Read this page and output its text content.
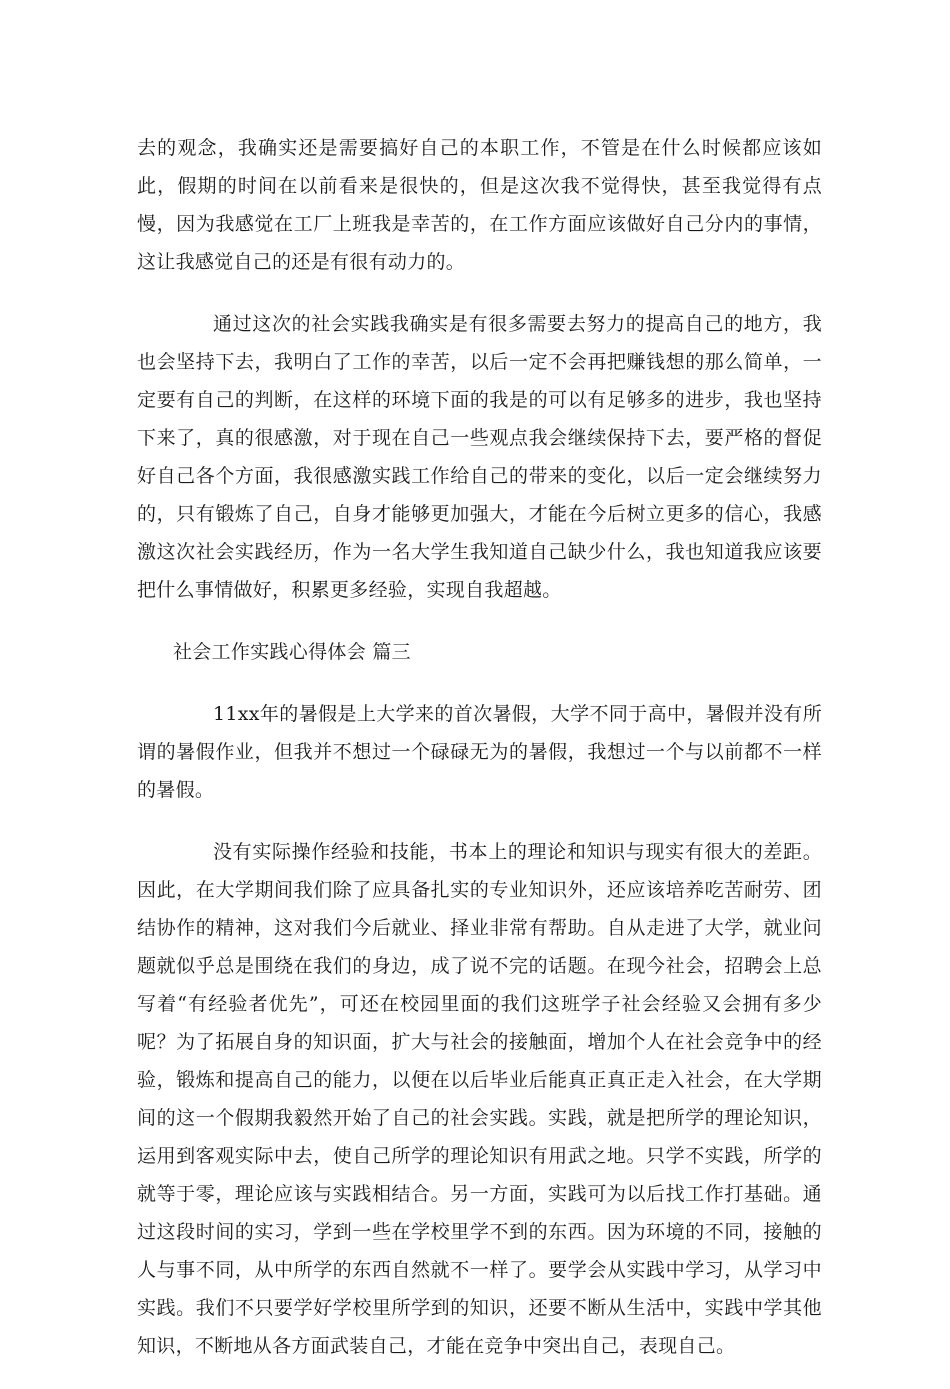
去的观念，我确实还是需要搞好自己的本职工作，不管是在什么时候都应该如此，假期的时间在以前看来是很快的，但是这次我不觉得快，甚至我觉得有点慢，因为我感觉在工厂上班我是幸苦的，在工作方面应该做好自己分内的事情，这让我感觉自己的还是有很有动力的。

通过这次的社会实践我确实是有很多需要去努力的提高自己的地方，我也会坚持下去，我明白了工作的幸苦，以后一定不会再把赚钱想的那么简单，一定要有自己的判断，在这样的环境下面的我是的可以有足够多的进步，我也坚持下来了，真的很感激，对于现在自己一些观点我会继续保持下去，要严格的督促好自己各个方面，我很感激实践工作给自己的带来的变化，以后一定会继续努力的，只有锻炼了自己，自身才能够更加强大，才能在今后树立更多的信心，我感激这次社会实践经历，作为一名大学生我知道自己缺少什么，我也知道我应该要把什么事情做好，积累更多经验，实现自我超越。

社会工作实践心得体会 篇三

11xx年的暑假是上大学来的首次暑假，大学不同于高中，暑假并没有所谓的暑假作业，但我并不想过一个碌碌无为的暑假，我想过一个与以前都不一样的暑假。

没有实际操作经验和技能，书本上的理论和知识与现实有很大的差距。因此，在大学期间我们除了应具备扎实的专业知识外，还应该培养吃苦耐劳、团结协作的精神，这对我们今后就业、择业非常有帮助。自从走进了大学，就业问题就似乎总是围绕在我们的身边，成了说不完的话题。在现今社会，招聘会上总写着“有经验者优先”，可还在校园里面的我们这班学子社会经验又会拥有多少呢？为了拓展自身的知识面，扩大与社会的接触面，增加个人在社会竞争中的经验，锻炼和提高自己的能力，以便在以后毕业后能真正真正走入社会，在大学期间的这一个假期我毅然开始了自己的社会实践。实践，就是把所学的理论知识，运用到客观实际中去，使自己所学的理论知识有用武之地。只学不实践，所学的就等于零，理论应该与实践相结合。另一方面，实践可为以后找工作打基础。通过这段时间的实习，学到一些在学校里学不到的东西。因为环境的不同，接触的人与事不同，从中所学的东西自然就不一样了。要学会从实践中学习，从学习中实践。我们不只要学好学校里所学到的知识，还要不断从生活中，实践中学其他知识，不断地从各方面武装自己，才能在竞争中突出自己，表现自己。
